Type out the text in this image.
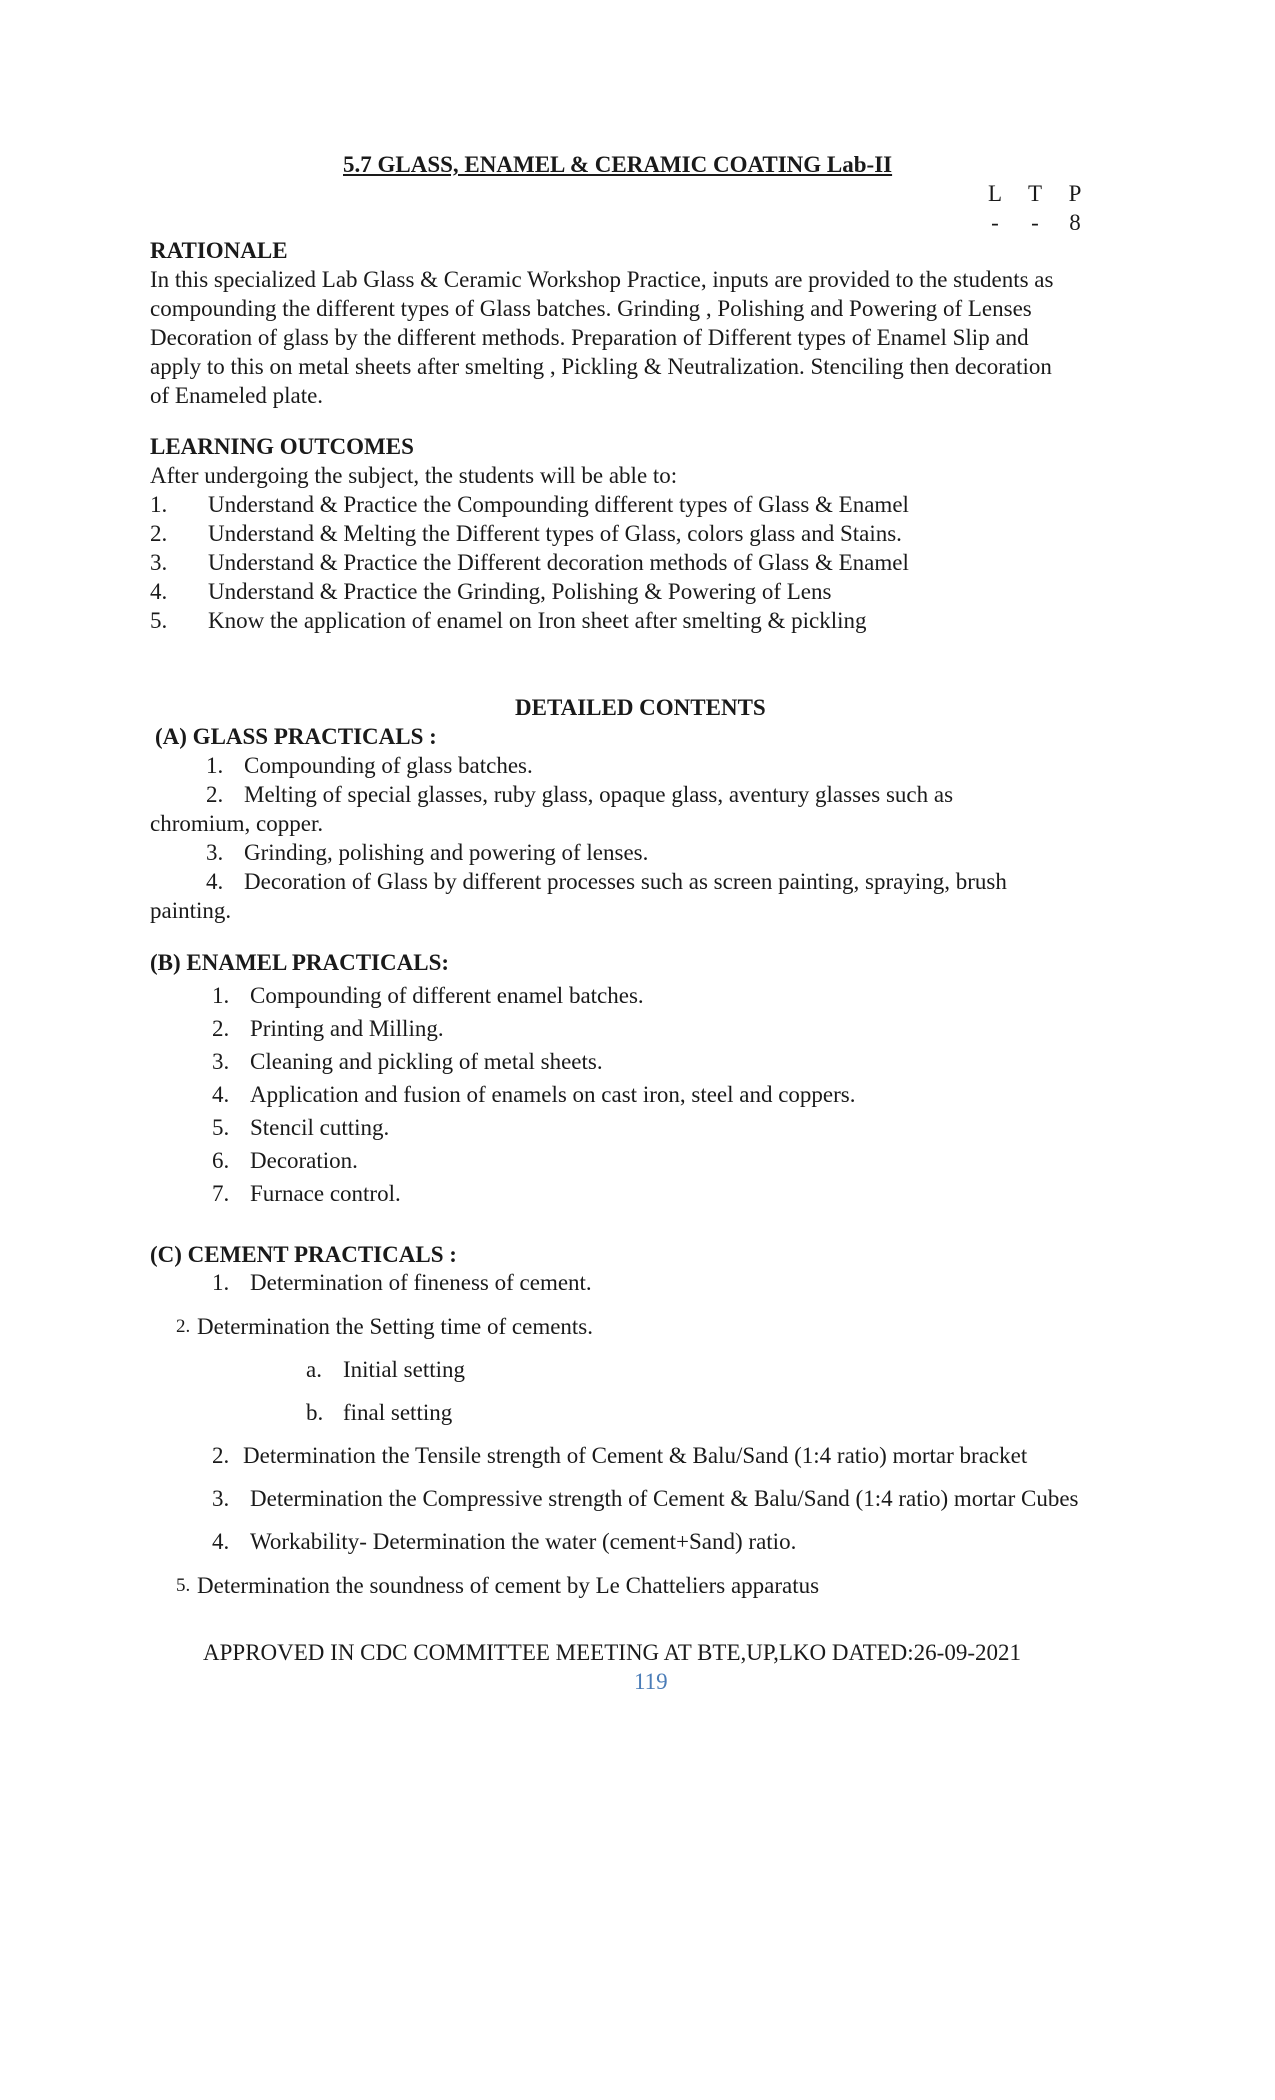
5.7 GLASS, ENAMEL & CERAMIC COATING Lab-II
L T P
- - 8
RATIONALE
In this specialized Lab Glass & Ceramic Workshop Practice, inputs are provided to the students as
compounding the different types of Glass batches. Grinding , Polishing and Powering of Lenses
Decoration of glass by the different methods. Preparation of Different types of Enamel Slip and
apply to this on metal sheets after smelting , Pickling & Neutralization. Stenciling then decoration
of Enameled plate.
LEARNING OUTCOMES
After undergoing the subject, the students will be able to:
1. Understand & Practice the Compounding different types of Glass & Enamel
2. Understand & Melting the Different types of Glass, colors glass and Stains.
3. Understand & Practice the Different decoration methods of Glass & Enamel
4. Understand & Practice the Grinding, Polishing & Powering of Lens
5. Know the application of enamel on Iron sheet after smelting & pickling
DETAILED CONTENTS
(A) GLASS PRACTICALS :
1. Compounding of glass batches.
2. Melting of special glasses, ruby glass, opaque glass, aventury glasses such as
chromium, copper.
3. Grinding, polishing and powering of lenses.
4. Decoration of Glass by different processes such as screen painting, spraying, brush
painting.
(B) ENAMEL PRACTICALS:
1. Compounding of different enamel batches.
2. Printing and Milling.
3. Cleaning and pickling of metal sheets.
4. Application and fusion of enamels on cast iron, steel and coppers.
5. Stencil cutting.
6. Decoration.
7. Furnace control.
(C) CEMENT PRACTICALS :
1. Determination of fineness of cement.
2. Determination the Setting time of cements.
a. Initial setting
b. final setting
2. Determination the Tensile strength of Cement & Balu/Sand (1:4 ratio) mortar bracket
3. Determination the Compressive strength of Cement & Balu/Sand (1:4 ratio) mortar Cubes
4. Workability- Determination the water (cement+Sand) ratio.
5. Determination the soundness of cement by Le Chatteliers apparatus
APPROVED IN CDC COMMITTEE MEETING AT BTE,UP,LKO DATED:26-09-2021
119
